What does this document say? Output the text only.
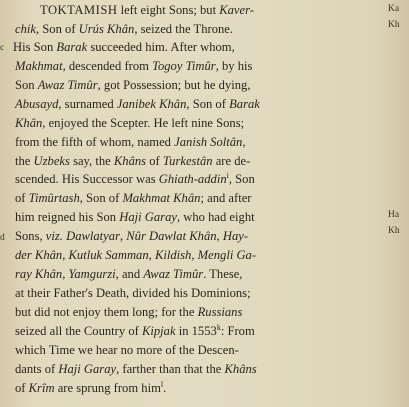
Ka
Kh
c
Ha
Kh
d
TOKTAMISH left eight Sons; but Kaver-
chik, Son of Urús Khân, seized the Throne.
His Son Barak succeeded him. After whom,
Makhmat, descended from Togoy Timûr, by his
Son Awaz Timûr, got Possession; but he dying,
Abusayd, surnamed Janibek Khân, Son of Barak
Khân, enjoyed the Scepter. He left nine Sons;
from the fifth of whom, named Janish Soltân,
the Uzbeks say, the Khâns of Turkestân are de-
scended. His Successor was Ghiath-addin$^i$, Son
of Timûrtash, Son of Makhmat Khân; and after
him reigned his Son Haji Garay, who had eight
Sons, viz. Dawlatyar, Nûr Dawlat Khân, Hay-
der Khân, Kutluk Samman, Kildish, Mengli Ga-
ray Khân, Yamgurzi, and Awaz Timûr. These,
at their Father's Death, divided his Dominions;
but did not enjoy them long; for the Russians
seized all the Country of Kipjak in 1553$^k$: From
which Time we hear no more of the Descen-
dants of Haji Garay, farther than that the Khâns
of Krîm are sprung from him$^l$.
